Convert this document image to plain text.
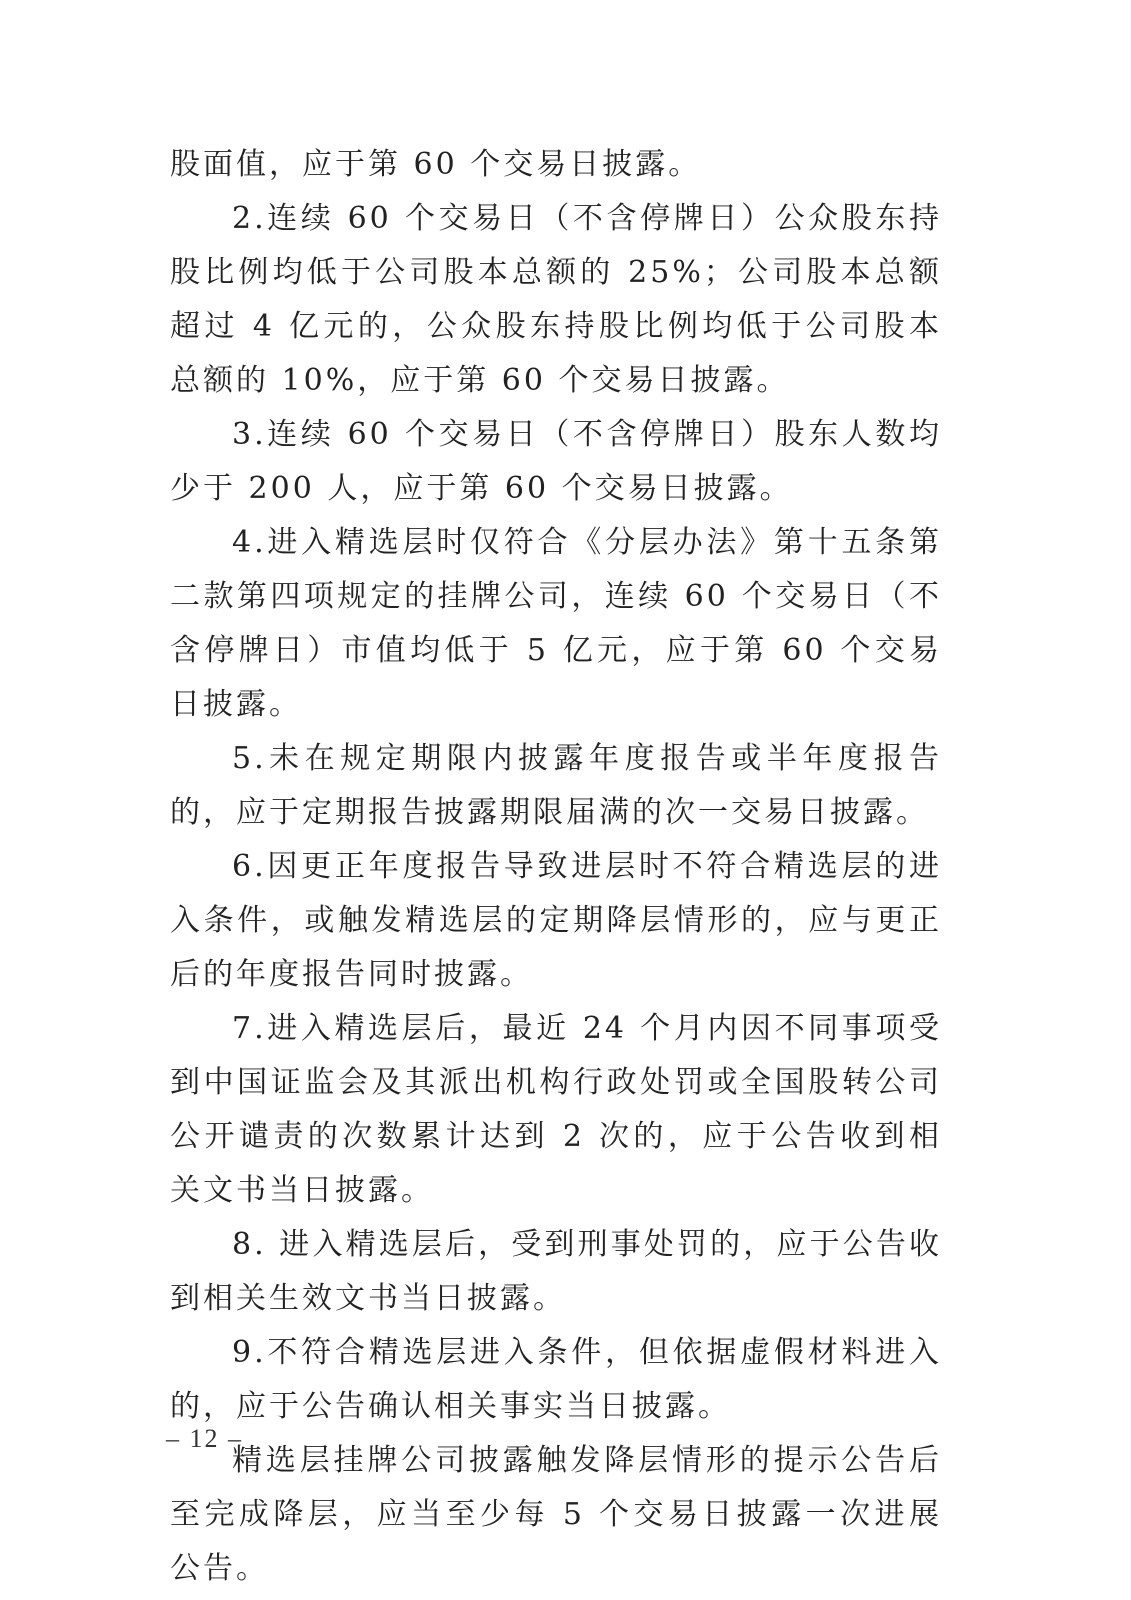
股面值，应于第 60 个交易日披露。

2.连续 60 个交易日（不含停牌日）公众股东持股比例均低于公司股本总额的 25%；公司股本总额超过 4 亿元的，公众股东持股比例均低于公司股本总额的 10%，应于第 60 个交易日披露。

3.连续 60 个交易日（不含停牌日）股东人数均少于 200 人，应于第 60 个交易日披露。

4.进入精选层时仅符合《分层办法》第十五条第二款第四项规定的挂牌公司，连续 60 个交易日（不含停牌日）市值均低于 5 亿元，应于第 60 个交易日披露。

5.未在规定期限内披露年度报告或半年度报告的，应于定期报告披露期限届满的次一交易日披露。

6.因更正年度报告导致进层时不符合精选层的进入条件，或触发精选层的定期降层情形的，应与更正后的年度报告同时披露。

7.进入精选层后，最近 24 个月内因不同事项受到中国证监会及其派出机构行政处罚或全国股转公司公开谴责的次数累计达到 2 次的，应于公告收到相关文书当日披露。

8. 进入精选层后，受到刑事处罚的，应于公告收到相关生效文书当日披露。

9.不符合精选层进入条件，但依据虚假材料进入的，应于公告确认相关事实当日披露。

精选层挂牌公司披露触发降层情形的提示公告后至完成降层，应当至少每 5 个交易日披露一次进展公告。

– 12 –
